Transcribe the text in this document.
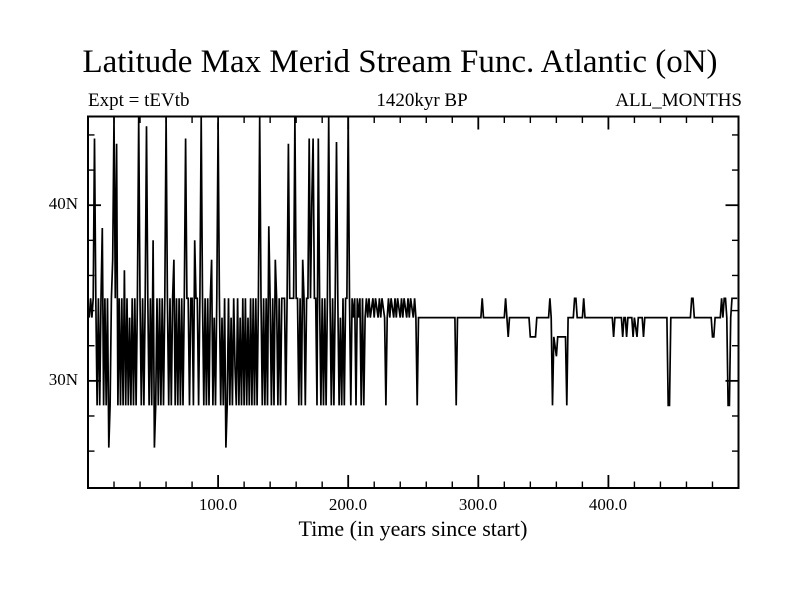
Latitude Max Merid Stream Func. Atlantic (oN)
Expt = tEVtb	1420kyr BP	ALL_MONTHS
40N
30N
100.0	200.0	300.0	400.0
Time (in years since start)
